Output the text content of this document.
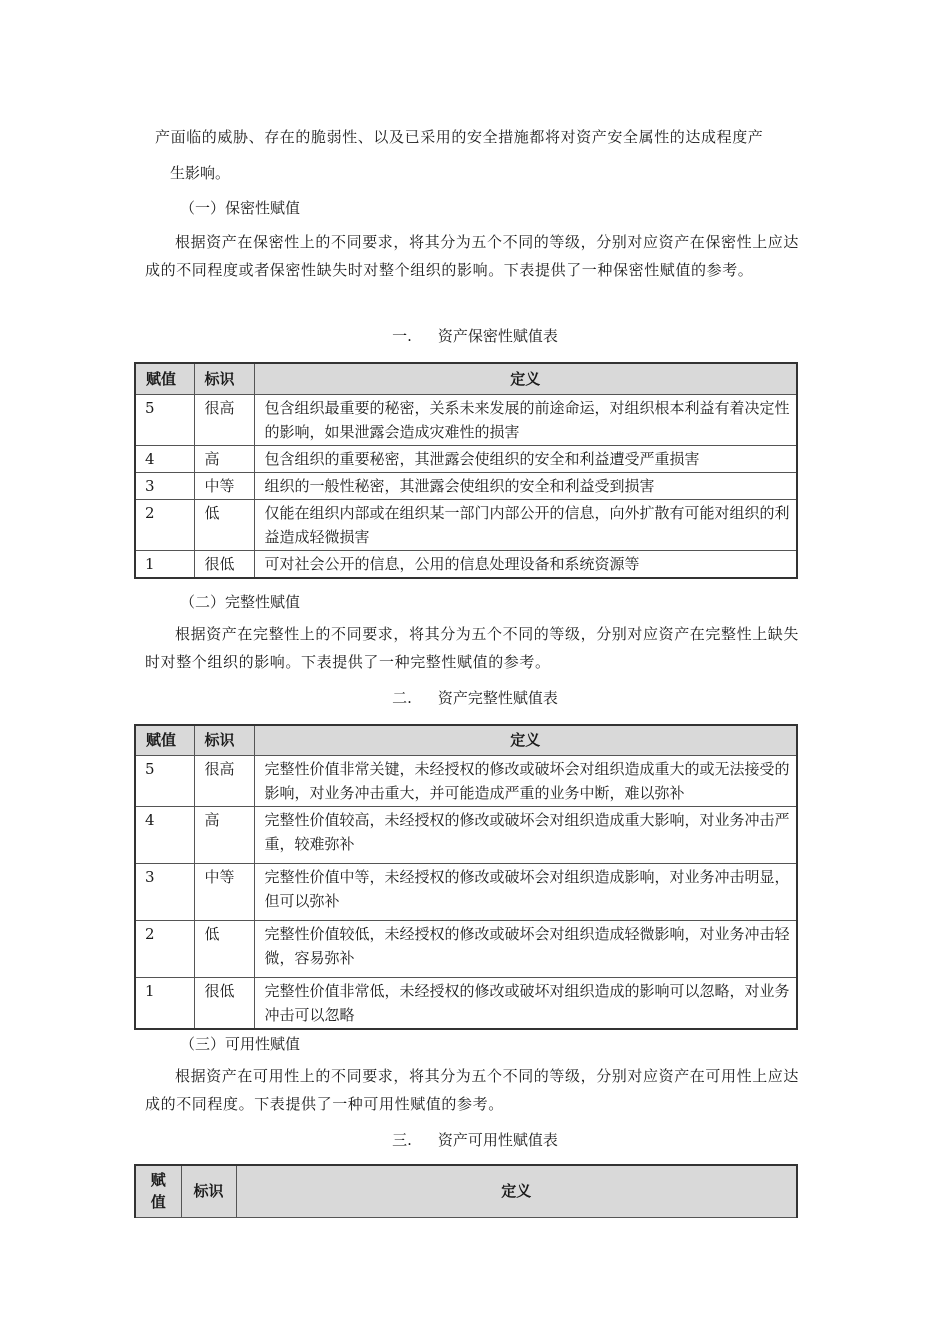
产面临的威胁、存在的脆弱性、以及已采用的安全措施都将对资产安全属性的达成程度产

生影响。

（一）保密性赋值

根据资产在保密性上的不同要求，将其分为五个不同的等级，分别对应资产在保密性上应达成的不同程度或者保密性缺失时对整个组织的影响。下表提供了一种保密性赋值的参考。

一. 资产保密性赋值表

赋值	标识	定义
5	很高	包含组织最重要的秘密，关系未来发展的前途命运，对组织根本利益有着决定性的影响，如果泄露会造成灾难性的损害
4	高	包含组织的重要秘密，其泄露会使组织的安全和利益遭受严重损害
3	中等	组织的一般性秘密，其泄露会使组织的安全和利益受到损害
2	低	仅能在组织内部或在组织某一部门内部公开的信息，向外扩散有可能对组织的利益造成轻微损害
1	很低	可对社会公开的信息，公用的信息处理设备和系统资源等

（二）完整性赋值

根据资产在完整性上的不同要求，将其分为五个不同的等级，分别对应资产在完整性上缺失时对整个组织的影响。下表提供了一种完整性赋值的参考。

二. 资产完整性赋值表

赋值	标识	定义
5	很高	完整性价值非常关键，未经授权的修改或破坏会对组织造成重大的或无法接受的影响，对业务冲击重大，并可能造成严重的业务中断，难以弥补
4	高	完整性价值较高，未经授权的修改或破坏会对组织造成重大影响，对业务冲击严重，较难弥补
3	中等	完整性价值中等，未经授权的修改或破坏会对组织造成影响，对业务冲击明显，但可以弥补
2	低	完整性价值较低，未经授权的修改或破坏会对组织造成轻微影响，对业务冲击轻微，容易弥补
1	很低	完整性价值非常低，未经授权的修改或破坏对组织造成的影响可以忽略，对业务冲击可以忽略

（三）可用性赋值

根据资产在可用性上的不同要求，将其分为五个不同的等级，分别对应资产在可用性上应达成的不同程度。下表提供了一种可用性赋值的参考。

三. 资产可用性赋值表

赋值	标识	定义
